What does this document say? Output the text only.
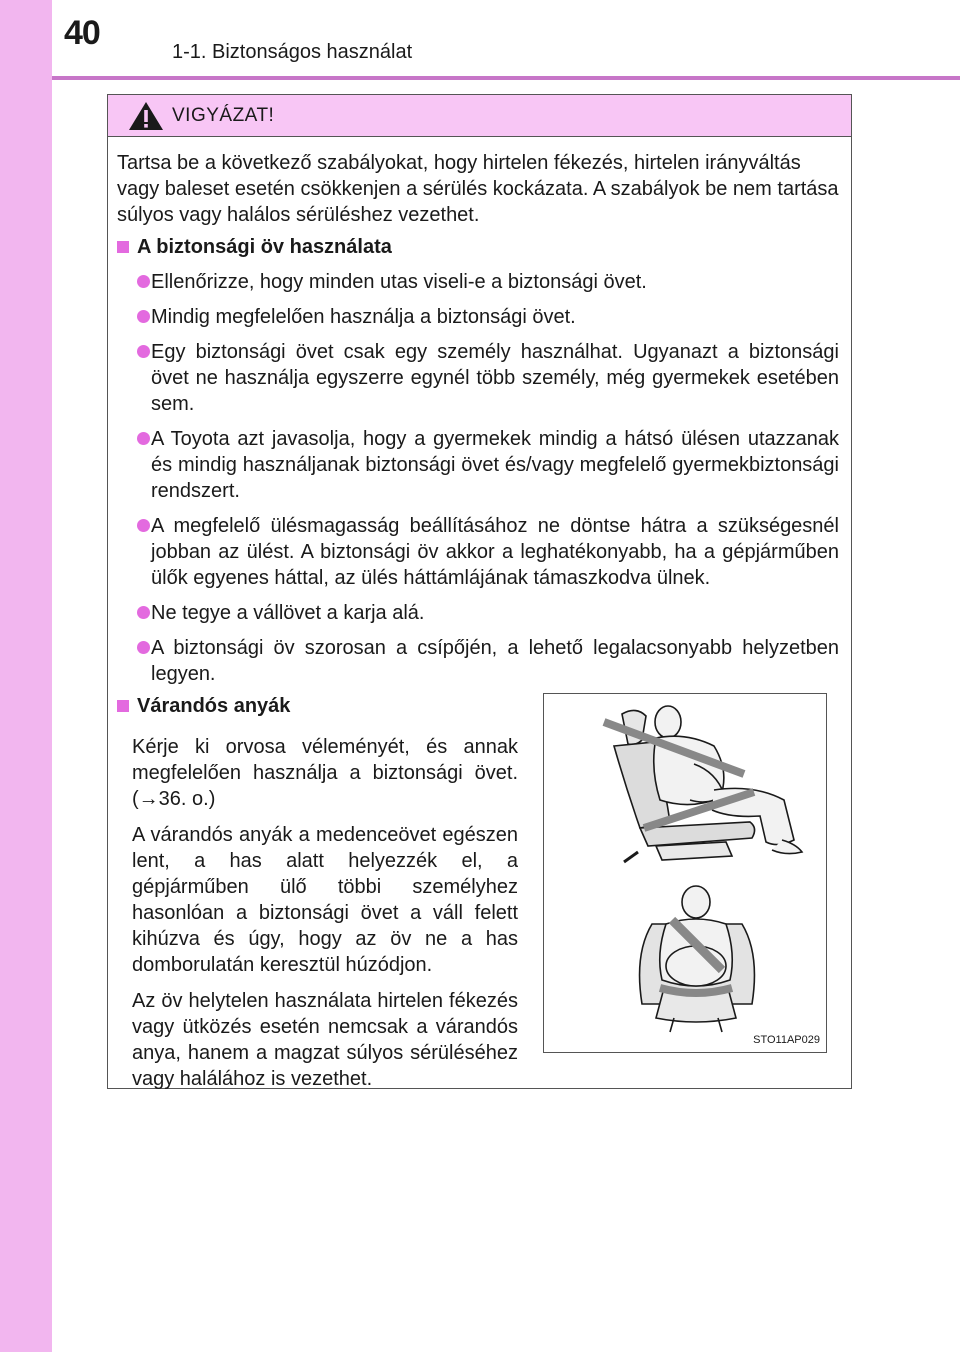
40	1-1. Biztonságos használat
VIGYÁZAT!

Tartsa be a következő szabályokat, hogy hirtelen fékezés, hirtelen irányváltás vagy baleset esetén csökkenjen a sérülés kockázata. A szabályok be nem tartása súlyos vagy halálos sérüléshez vezethet.

A biztonsági öv használata
Ellenőrizze, hogy minden utas viseli-e a biztonsági övet.
Mindig megfelelően használja a biztonsági övet.
Egy biztonsági övet csak egy személy használhat. Ugyanazt a biztonsági övet ne használja egyszerre egynél több személy, még gyermekek esetében sem.
A Toyota azt javasolja, hogy a gyermekek mindig a hátsó ülésen utazzanak és mindig használjanak biztonsági övet és/vagy megfelelő gyermekbiztonsági rendszert.
A megfelelő ülésmagasság beállításához ne döntse hátra a szükségesnél jobban az ülést. A biztonsági öv akkor a leghatékonyabb, ha a gépjárműben ülők egyenes háttal, az ülés háttámlájának támaszkodva ülnek.
Ne tegye a vállövet a karja alá.
A biztonsági öv szorosan a csípőjén, a lehető legalacsonyabb helyzetben legyen.
Várandós anyák

Kérje ki orvosa véleményét, és annak megfelelően használja a biztonsági övet. (→36. o.)

A várandós anyák a medenceövet egészen lent, a has alatt helyezzék el, a gépjárműben ülő többi személyhez hasonlóan a biztonsági övet a váll felett kihúzva és úgy, hogy az öv ne a has domborulatán keresztül húzódjon.

Az öv helytelen használata hirtelen fékezés vagy ütközés esetén nemcsak a várandós anya, hanem a magzat súlyos sérüléséhez vagy halálához is vezethet.

STO11AP029
